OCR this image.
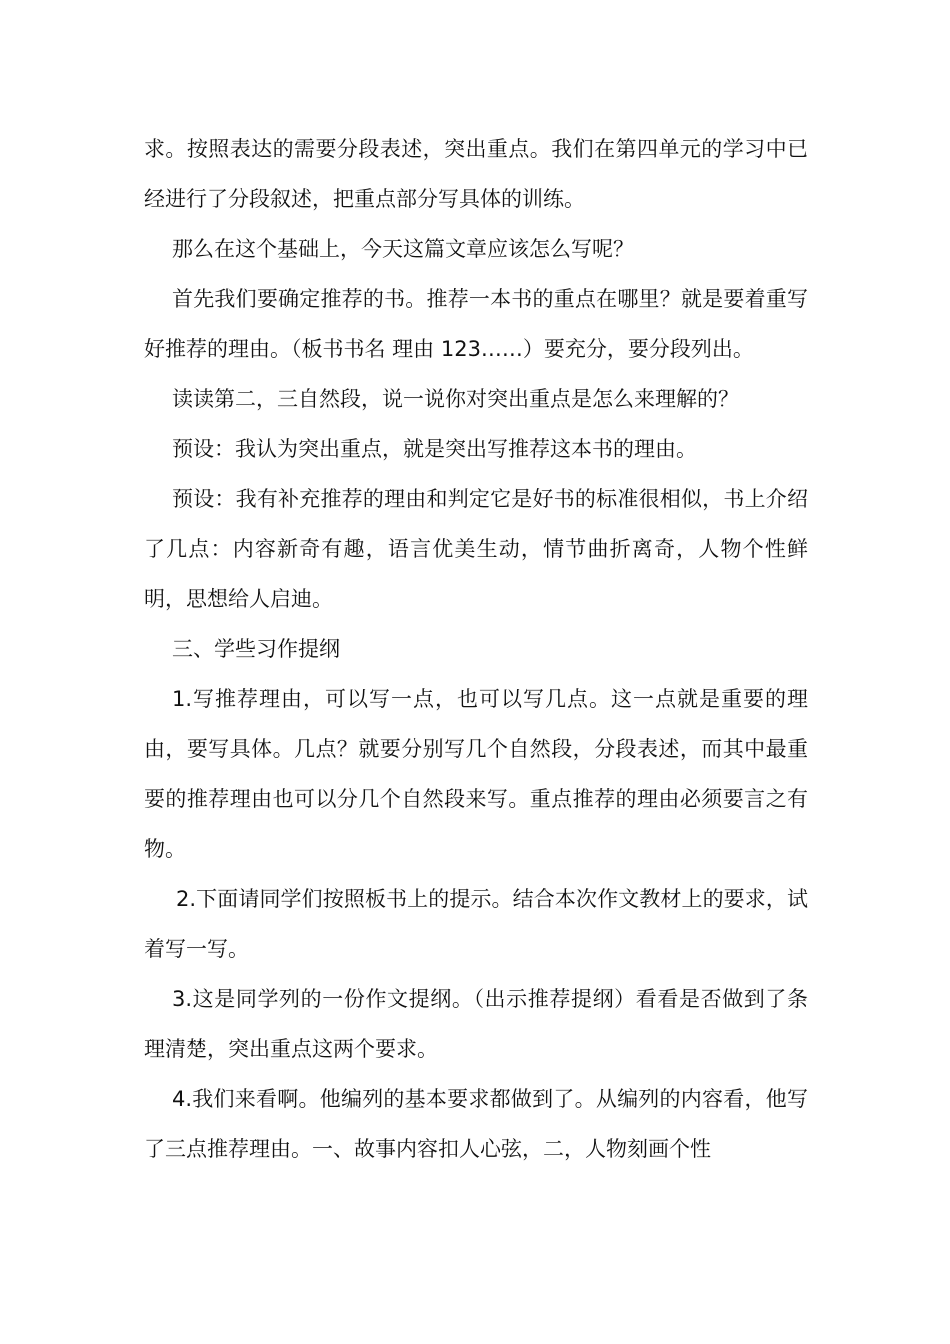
求。按照表达的需要分段表述，突出重点。我们在第四单元的学习中已经进行了分段叙述，把重点部分写具体的训练。

那么在这个基础上，今天这篇文章应该怎么写呢？

首先我们要确定推荐的书。推荐一本书的重点在哪里？就是要着重写好推荐的理由。（板书书名 理由 123……）要充分，要分段列出。

读读第二，三自然段，说一说你对突出重点是怎么来理解的？

预设：我认为突出重点，就是突出写推荐这本书的理由。

预设：我有补充推荐的理由和判定它是好书的标准很相似，书上介绍了几点：内容新奇有趣，语言优美生动，情节曲折离奇，人物个性鲜明，思想给人启迪。

三、学些习作提纲

1.写推荐理由，可以写一点，也可以写几点。这一点就是重要的理由，要写具体。几点？就要分别写几个自然段，分段表述，而其中最重要的推荐理由也可以分几个自然段来写。重点推荐的理由必须要言之有物。

2.下面请同学们按照板书上的提示。结合本次作文教材上的要求，试着写一写。

3.这是同学列的一份作文提纲。（出示推荐提纲）看看是否做到了条理清楚，突出重点这两个要求。

4.我们来看啊。他编列的基本要求都做到了。从编列的内容看，他写了三点推荐理由。一、故事内容扣人心弦，二，人物刻画个性
